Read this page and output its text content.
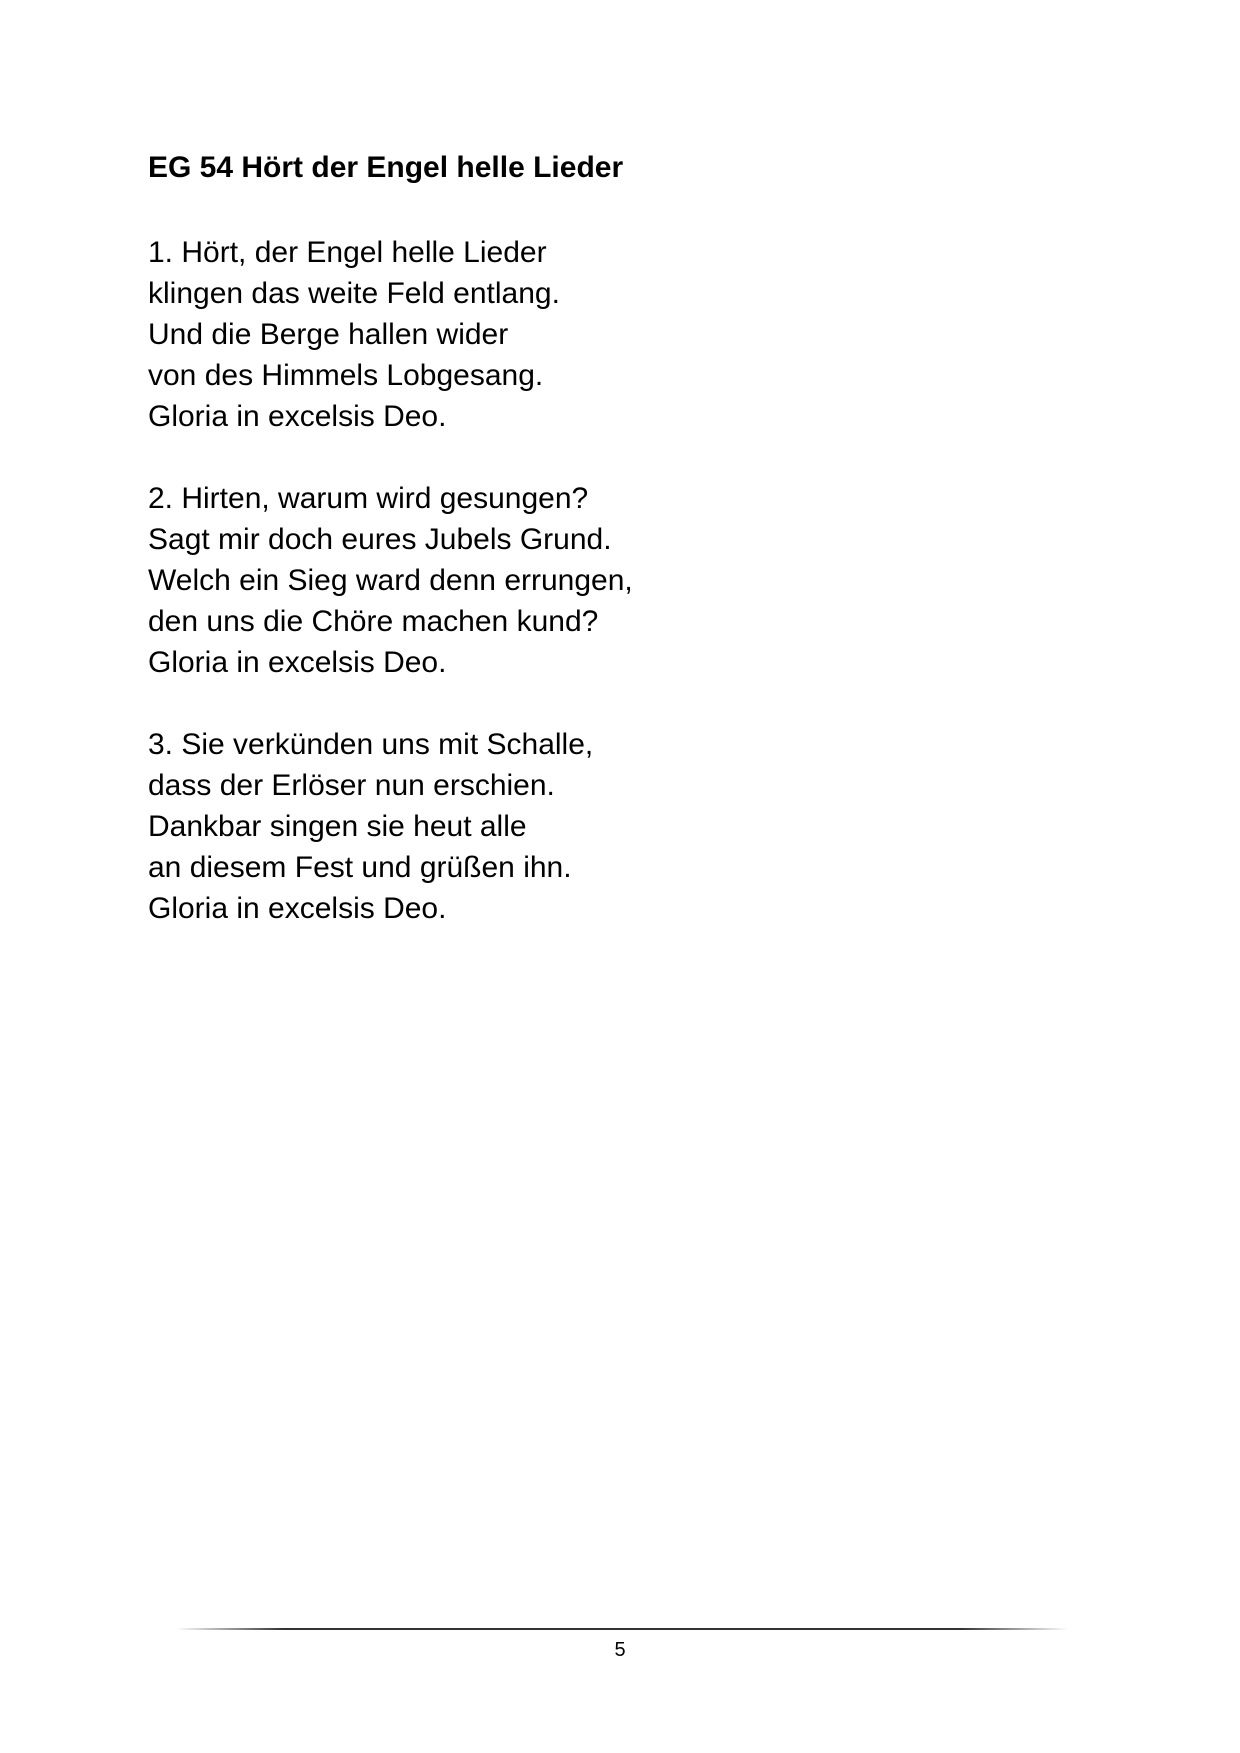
EG 54 Hört der Engel helle Lieder
1. Hört, der Engel helle Lieder
klingen das weite Feld entlang.
Und die Berge hallen wider
von des Himmels Lobgesang.
Gloria in excelsis Deo.
2. Hirten, warum wird gesungen?
Sagt mir doch eures Jubels Grund.
Welch ein Sieg ward denn errungen,
den uns die Chöre machen kund?
Gloria in excelsis Deo.
3. Sie verkünden uns mit Schalle,
dass der Erlöser nun erschien.
Dankbar singen sie heut alle
an diesem Fest und grüßen ihn.
Gloria in excelsis Deo.
5
